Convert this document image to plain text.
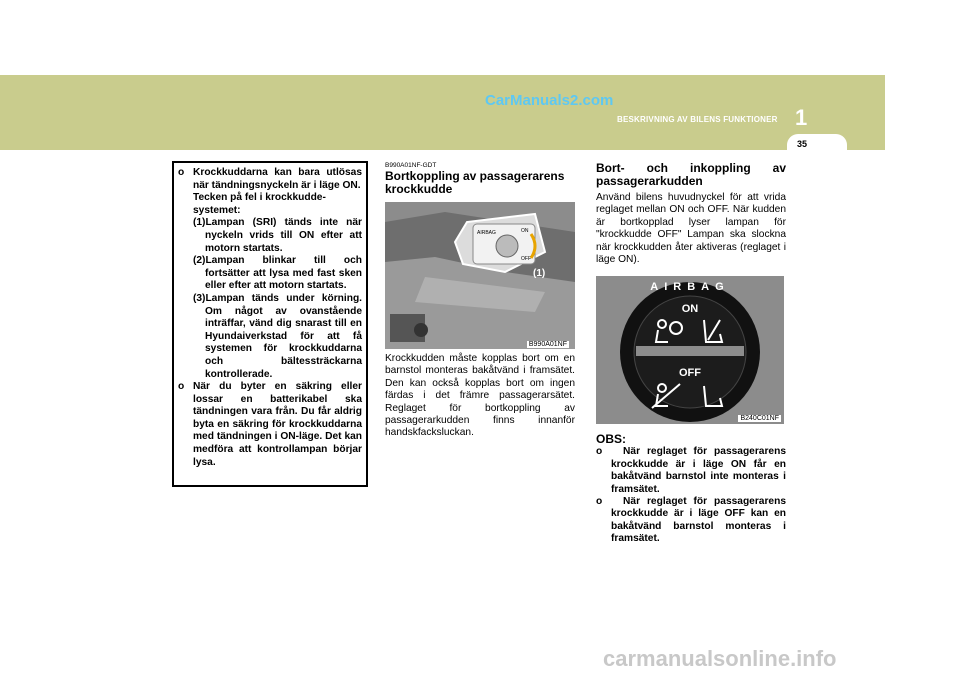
CarManuals2.com
BESKRIVNING AV BILENS FUNKTIONER 1
35
o Krockkuddarna kan bara utlösas när tändningsnyckeln är i läge ON.
Tecken på fel i krockkudde-systemet:
(1)Lampan (SRI) tänds inte när nyckeln vrids till ON efter att motorn startats.
(2)Lampan blinkar till och fortsätter att lysa med fast sken eller efter att motorn startats.
(3)Lampan tänds under körning. Om något av ovanstående inträffar, vänd dig snarast till en Hyundaiverkstad för att få systemen för krockkuddarna och bältessträckarna kontrollerade.
o När du byter en säkring eller lossar en batterikabel ska tändningen vara från. Du får aldrig byta en säkring för krockkuddarna med tändningen i ON-läge. Det kan medföra att kontrollampan börjar lysa.
B990A01NF-GDT
Bortkoppling av passagerarens krockkudde
AIRBAG	ON
OFF
(1)
B990A01NF
Krockkudden måste kopplas bort om en barnstol monteras bakåtvänd i framsätet. Den kan också kopplas bort om ingen färdas i det främre passagerarsätet. Reglaget för bortkoppling av passagerarkudden finns innanför handskfacksluckan.
Bort- och inkoppling av passagerarkudden
Använd bilens huvudnyckel för att vrida reglaget mellan ON och OFF. När kudden är bortkopplad lyser lampan för "krockkudde OFF" Lampan ska slockna när krockkudden åter aktiveras (reglaget i läge ON).
AIRBAG
ON
OFF
B240C01NF
OBS:
o När reglaget för passagerarens krockkudde är i läge ON får en bakåtvänd barnstol inte monteras i framsätet.
o När reglaget för passagerarens krockkudde är i läge OFF kan en bakåtvänd barnstol monteras i framsätet.
carmanualsonline.info
